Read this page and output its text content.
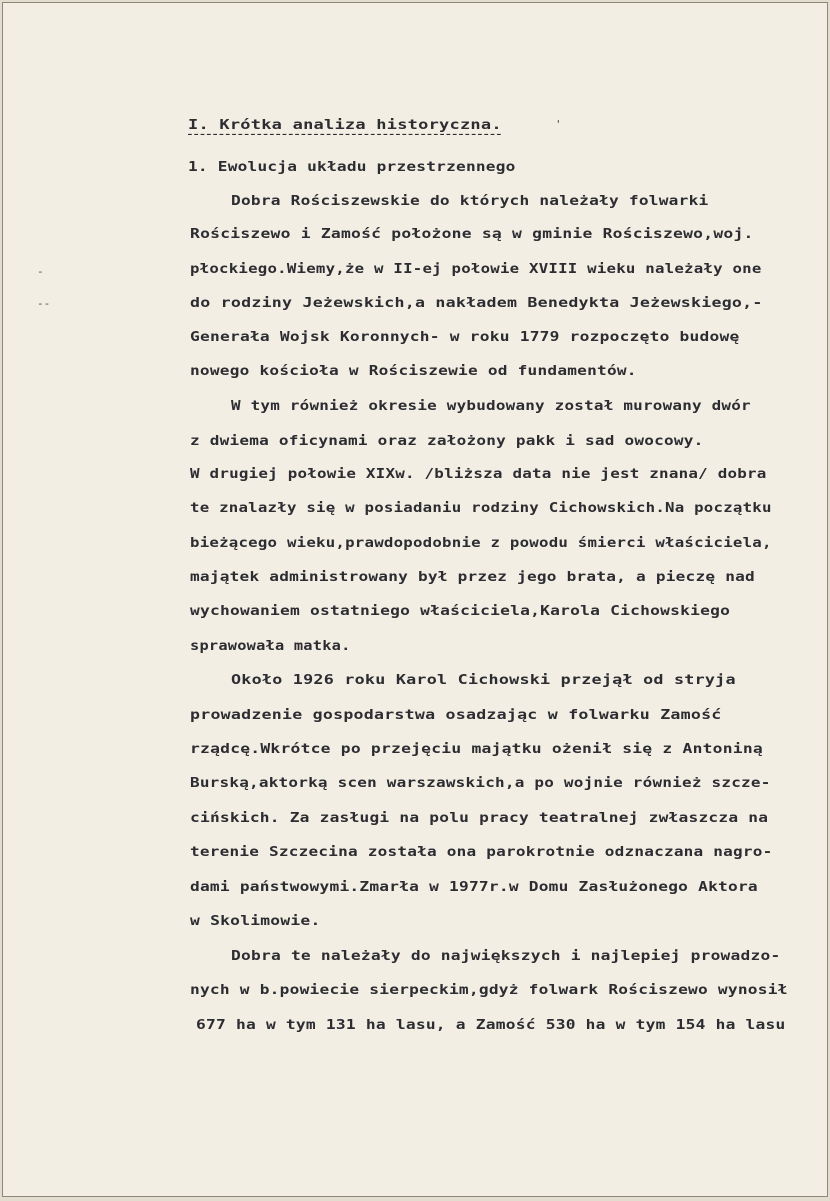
I. Krótka analiza historyczna.	'
1. Ewolucja układu przestrzennego
-
--
Dobra Rościszewskie do których należały folwarki
Rościszewo i Zamość położone są w gminie Rościszewo,woj.
płockiego.Wiemy,że w II-ej połowie XVIII wieku należały one
do rodziny Jeżewskich,a nakładem Benedykta Jeżewskiego,-
Generała Wojsk Koronnych- w roku 1779 rozpoczęto budowę
nowego kościoła w Rościszewie od fundamentów.
W tym również okresie wybudowany został murowany dwór
z dwiema oficynami oraz założony pakk i sad owocowy.
W drugiej połowie XIXw. /bliższa data nie jest znana/ dobra
te znalazły się w posiadaniu rodziny Cichowskich.Na początku
bieżącego wieku,prawdopodobnie z powodu śmierci właściciela,
majątek administrowany był przez jego brata, a pieczę nad
wychowaniem ostatniego właściciela,Karola Cichowskiego
sprawowała matka.
Około 1926 roku Karol Cichowski przejął od stryja
prowadzenie gospodarstwa osadzając w folwarku Zamość
rządcę.Wkrótce po przejęciu majątku ożenił się z Antoniną
Burską,aktorką scen warszawskich,a po wojnie również szcze-
cińskich. Za zasługi na polu pracy teatralnej zwłaszcza na
terenie Szczecina została ona parokrotnie odznaczana nagro-
dami państwowymi.Zmarła w 1977r.w Domu Zasłużonego Aktora
w Skolimowie.
Dobra te należały do największych i najlepiej prowadzo-
nych w b.powiecie sierpeckim,gdyż folwark Rościszewo wynosił
677 ha w tym 131 ha lasu, a Zamość 530 ha w tym 154 ha lasu
